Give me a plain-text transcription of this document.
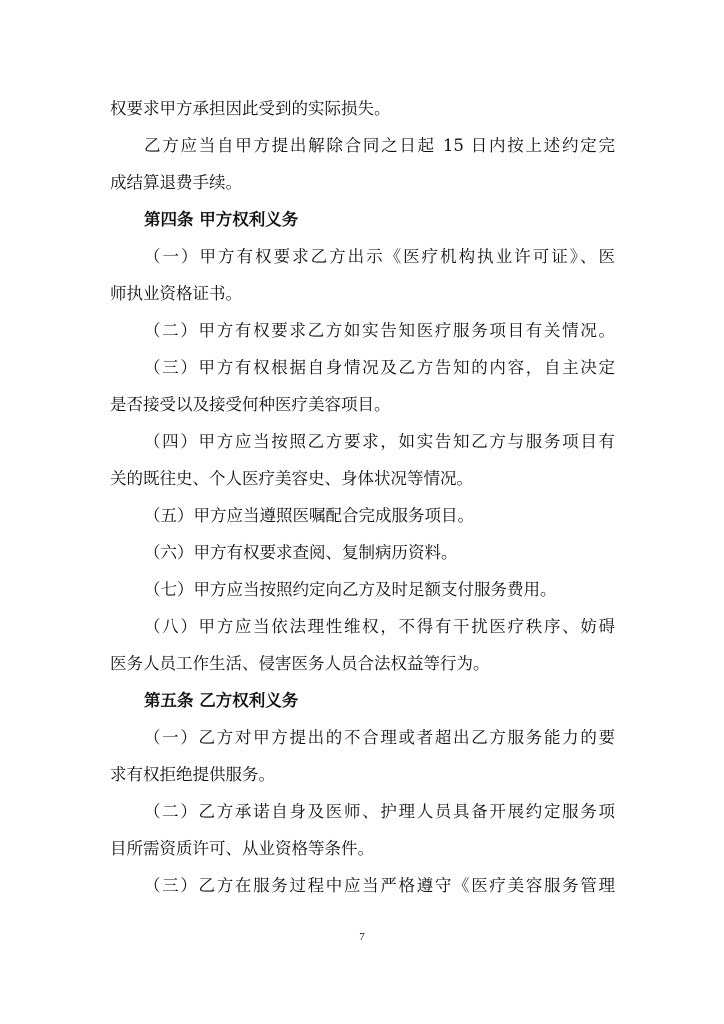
权要求甲方承担因此受到的实际损失。
乙方应当自甲方提出解除合同之日起 15 日内按上述约定完
成结算退费手续。
第四条 甲方权利义务
（一）甲方有权要求乙方出示《医疗机构执业许可证》、医
师执业资格证书。
（二）甲方有权要求乙方如实告知医疗服务项目有关情况。
（三）甲方有权根据自身情况及乙方告知的内容，自主决定
是否接受以及接受何种医疗美容项目。
（四）甲方应当按照乙方要求，如实告知乙方与服务项目有
关的既往史、个人医疗美容史、身体状况等情况。
（五）甲方应当遵照医嘱配合完成服务项目。
（六）甲方有权要求查阅、复制病历资料。
（七）甲方应当按照约定向乙方及时足额支付服务费用。
（八）甲方应当依法理性维权，不得有干扰医疗秩序、妨碍
医务人员工作生活、侵害医务人员合法权益等行为。
第五条 乙方权利义务
（一）乙方对甲方提出的不合理或者超出乙方服务能力的要
求有权拒绝提供服务。
（二）乙方承诺自身及医师、护理人员具备开展约定服务项
目所需资质许可、从业资格等条件。
（三）乙方在服务过程中应当严格遵守《医疗美容服务管理
7
